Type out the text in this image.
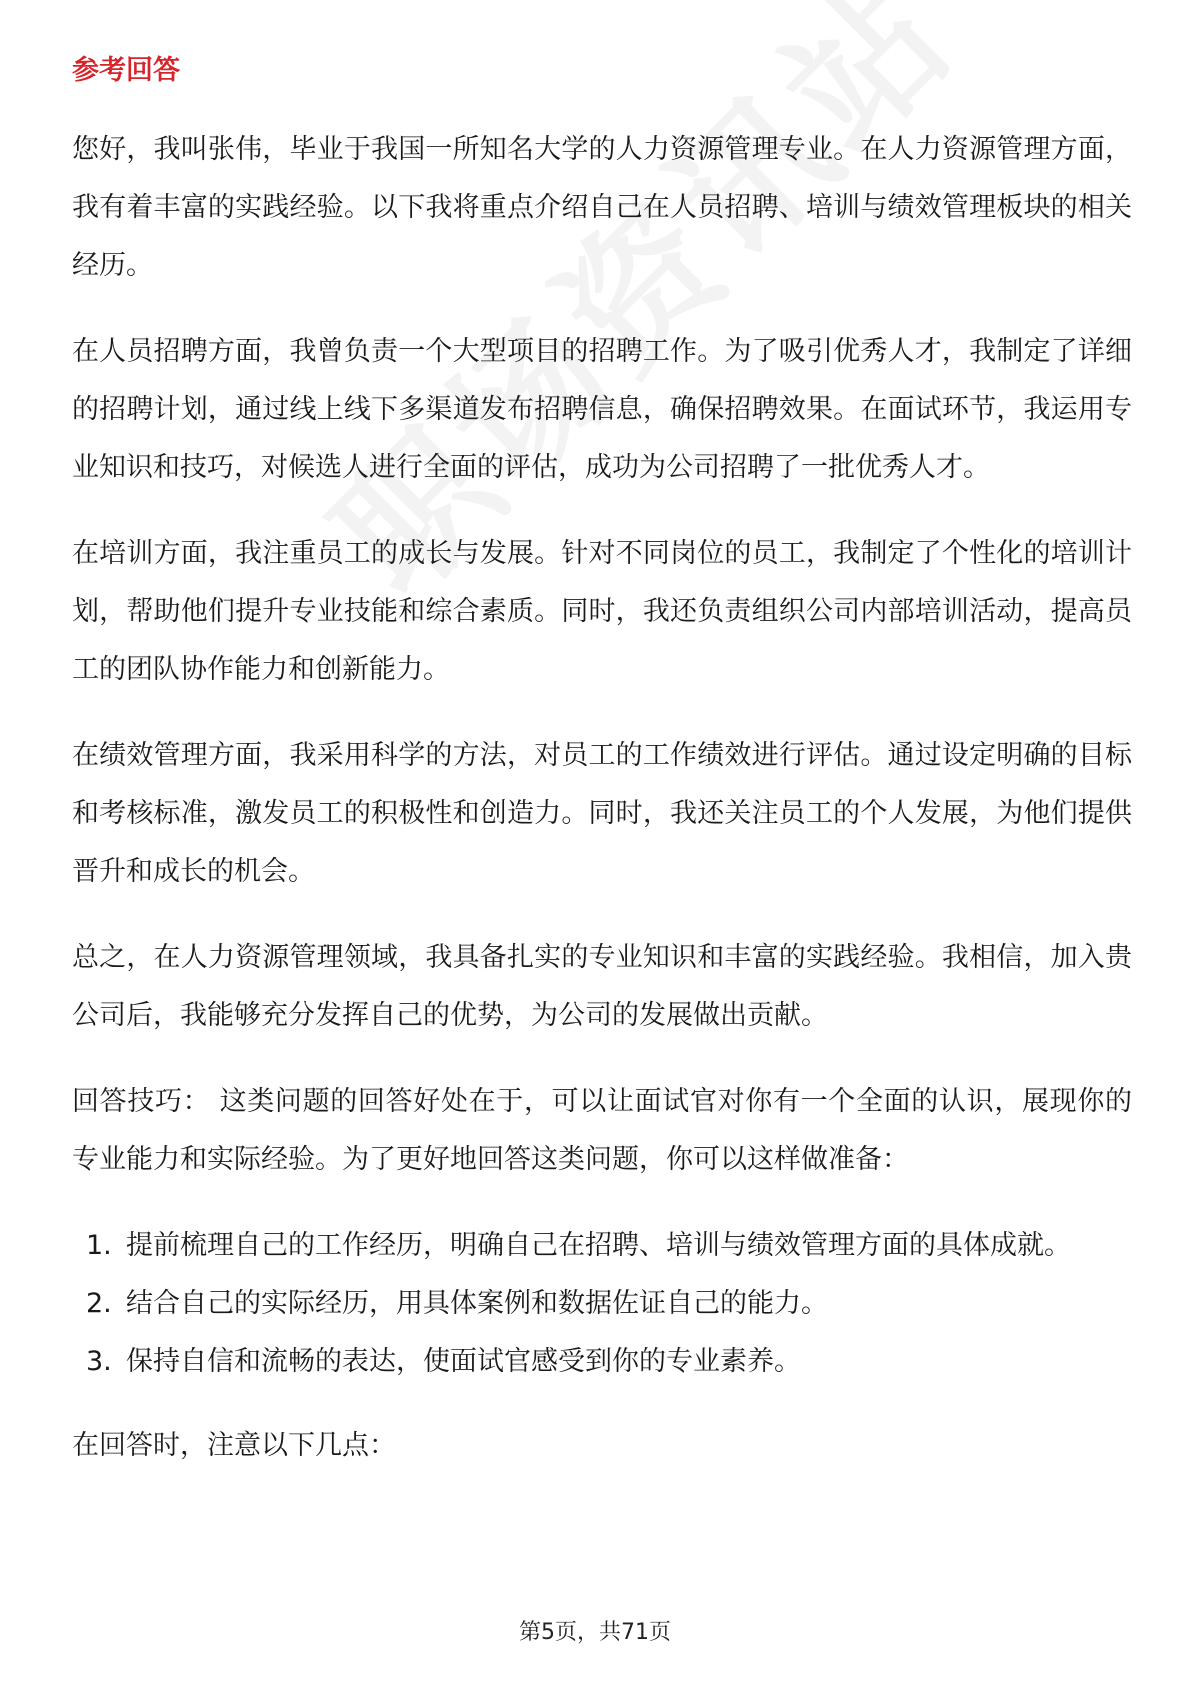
参考回答

您好，我叫张伟，毕业于我国一所知名大学的人力资源管理专业。在人力资源管理方面，我有着丰富的实践经验。以下我将重点介绍自己在人员招聘、培训与绩效管理板块的相关经历。

在人员招聘方面，我曾负责一个大型项目的招聘工作。为了吸引优秀人才，我制定了详细的招聘计划，通过线上线下多渠道发布招聘信息，确保招聘效果。在面试环节，我运用专业知识和技巧，对候选人进行全面的评估，成功为公司招聘了一批优秀人才。

在培训方面，我注重员工的成长与发展。针对不同岗位的员工，我制定了个性化的培训计划，帮助他们提升专业技能和综合素质。同时，我还负责组织公司内部培训活动，提高员工的团队协作能力和创新能力。

在绩效管理方面，我采用科学的方法，对员工的工作绩效进行评估。通过设定明确的目标和考核标准，激发员工的积极性和创造力。同时，我还关注员工的个人发展，为他们提供晋升和成长的机会。

总之，在人力资源管理领域，我具备扎实的专业知识和丰富的实践经验。我相信，加入贵公司后，我能够充分发挥自己的优势，为公司的发展做出贡献。

回答技巧： 这类问题的回答好处在于，可以让面试官对你有一个全面的认识，展现你的专业能力和实际经验。为了更好地回答这类问题，你可以这样做准备：

1. 提前梳理自己的工作经历，明确自己在招聘、培训与绩效管理方面的具体成就。
2. 结合自己的实际经历，用具体案例和数据佐证自己的能力。
3. 保持自信和流畅的表达，使面试官感受到你的专业素养。

在回答时，注意以下几点：

第5页，共71页
